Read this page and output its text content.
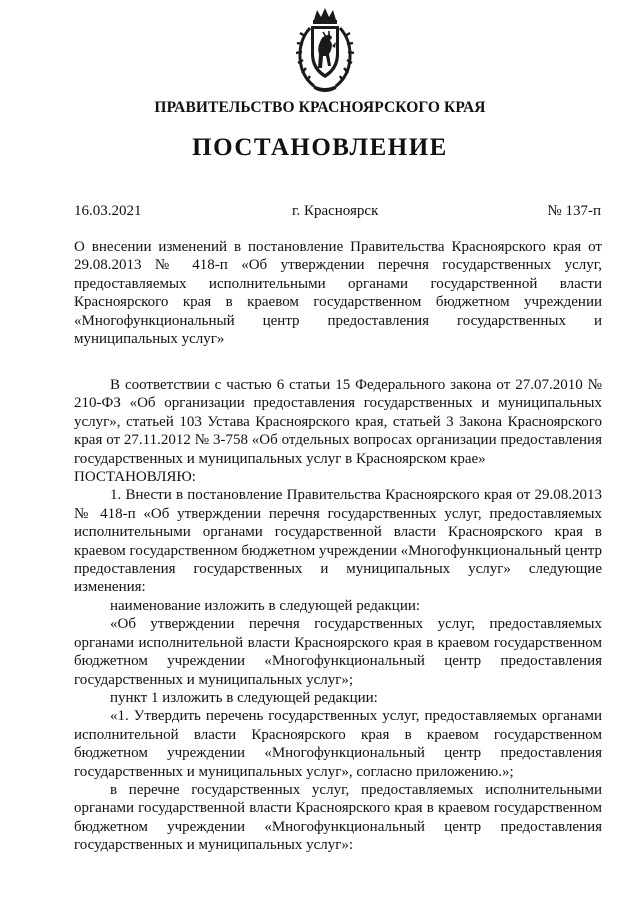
ПРАВИТЕЛЬСТВО КРАСНОЯРСКОГО КРАЯ
ПОСТАНОВЛЕНИЕ
16.03.2021	г. Красноярск	№ 137-п
О внесении изменений в постановление Правительства Красноярского края от 29.08.2013 № 418-п «Об утверждении перечня государственных услуг, предоставляемых исполнительными органами государственной власти Красноярского края в краевом государственном бюджетном учреждении «Многофункциональный центр предоставления государственных и муниципальных услуг»

В соответствии с частью 6 статьи 15 Федерального закона от 27.07.2010 № 210-ФЗ «Об организации предоставления государственных и муниципальных услуг», статьей 103 Устава Красноярского края, статьей 3 Закона Красноярского края от 27.11.2012 № 3-758 «Об отдельных вопросах организации предоставления государственных и муниципальных услуг в Красноярском крае»

ПОСТАНОВЛЯЮ:

1. Внести в постановление Правительства Красноярского края от 29.08.2013 № 418-п «Об утверждении перечня государственных услуг, предоставляемых исполнительными органами государственной власти Красноярского края в краевом государственном бюджетном учреждении «Многофункциональный центр предоставления государственных и муниципальных услуг» следующие изменения:

наименование изложить в следующей редакции:

«Об утверждении перечня государственных услуг, предоставляемых органами исполнительной власти Красноярского края в краевом государственном бюджетном учреждении «Многофункциональный центр предоставления государственных и муниципальных услуг»;

пункт 1 изложить в следующей редакции:

«1. Утвердить перечень государственных услуг, предоставляемых органами исполнительной власти Красноярского края в краевом государственном бюджетном учреждении «Многофункциональный центр предоставления государственных и муниципальных услуг», согласно приложению.»;

в перечне государственных услуг, предоставляемых исполнительными органами государственной власти Красноярского края в краевом государственном бюджетном учреждении «Многофункциональный центр предоставления государственных и муниципальных услуг»:
